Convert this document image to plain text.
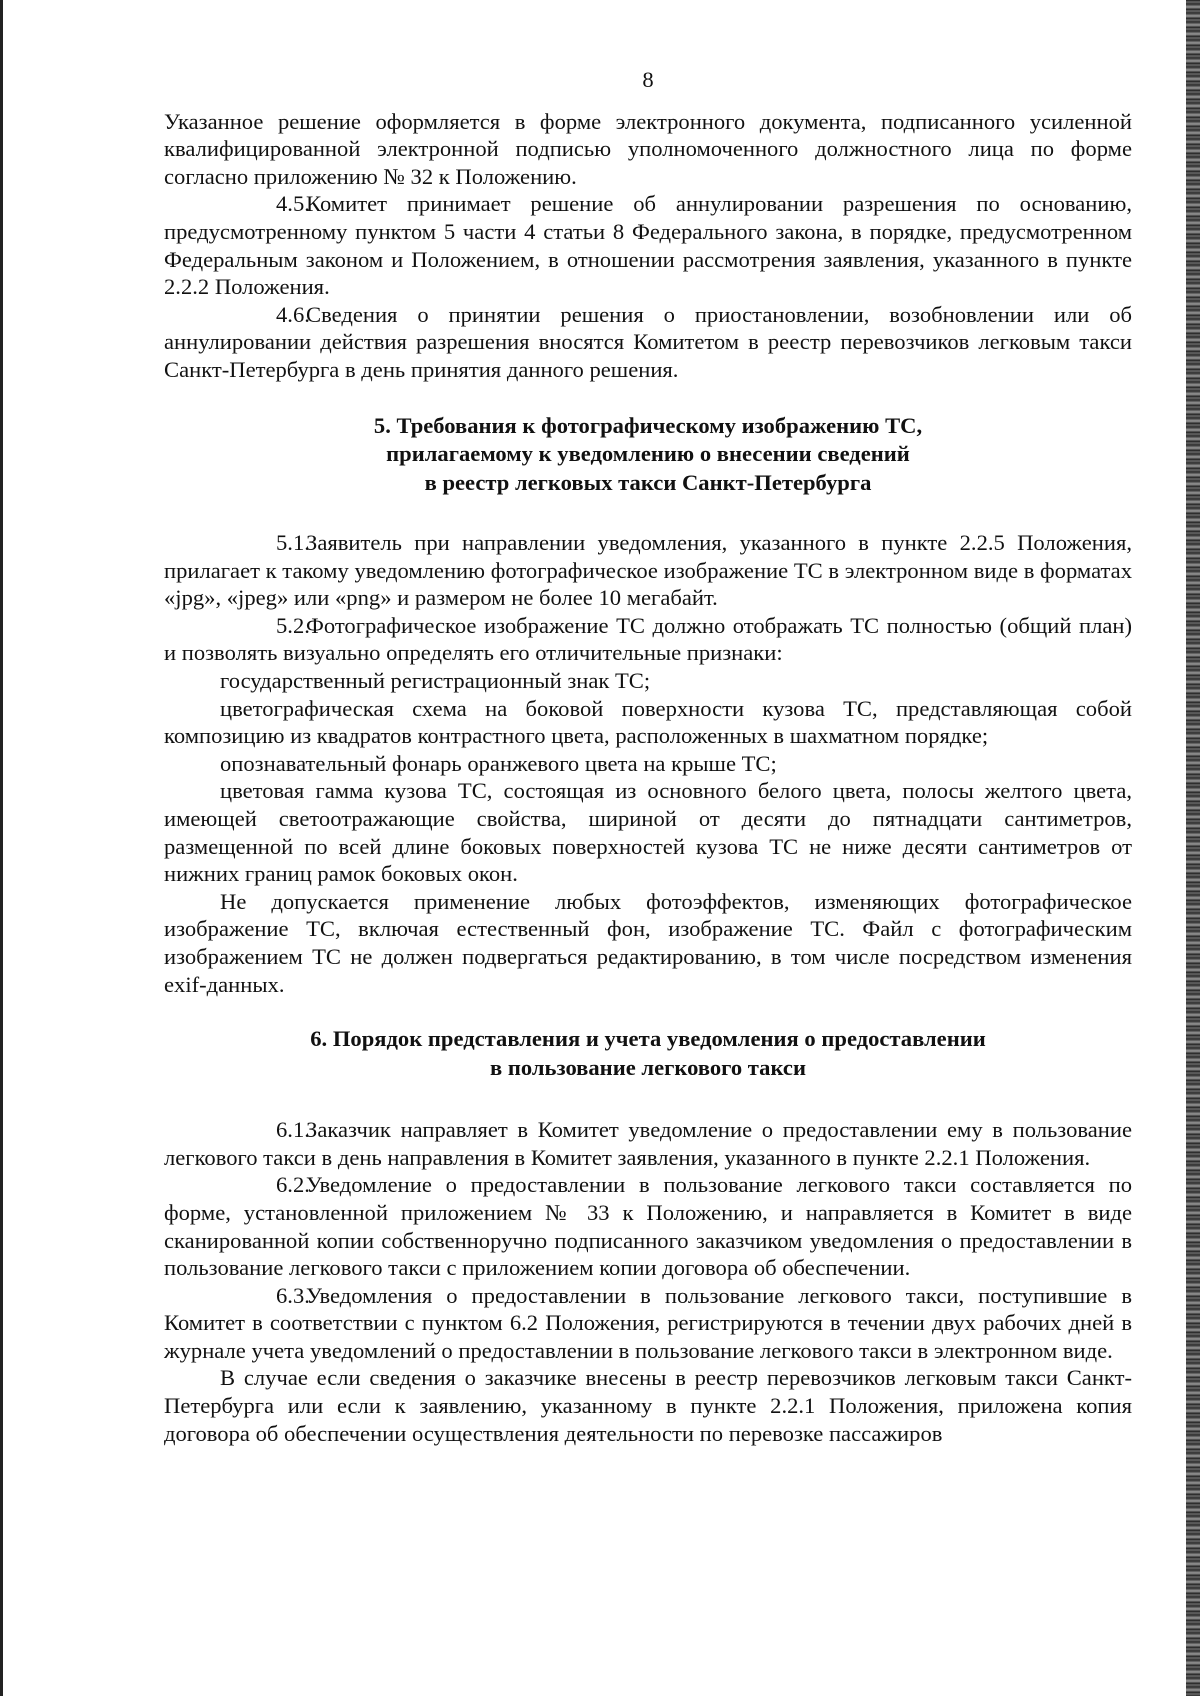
8

Указанное решение оформляется в форме электронного документа, подписанного усиленной квалифицированной электронной подписью уполномоченного должностного лица по форме согласно приложению № 32 к Положению.

4.5.Комитет принимает решение об аннулировании разрешения по основанию, предусмотренному пунктом 5 части 4 статьи 8 Федерального закона, в порядке, предусмотренном Федеральным законом и Положением, в отношении рассмотрения заявления, указанного в пункте 2.2.2 Положения.

4.6.Сведения о принятии решения о приостановлении, возобновлении или об аннулировании действия разрешения вносятся Комитетом в реестр перевозчиков легковым такси Санкт-Петербурга в день принятия данного решения.

5. Требования к фотографическому изображению ТС,
прилагаемому к уведомлению о внесении сведений
в реестр легковых такси Санкт-Петербурга

5.1.Заявитель при направлении уведомления, указанного в пункте 2.2.5 Положения, прилагает к такому уведомлению фотографическое изображение ТС в электронном виде в форматах «jpg», «jpeg» или «png» и размером не более 10 мегабайт.

5.2.Фотографическое изображение ТС должно отображать ТС полностью (общий план) и позволять визуально определять его отличительные признаки:

государственный регистрационный знак ТС;

цветографическая схема на боковой поверхности кузова ТС, представляющая собой композицию из квадратов контрастного цвета, расположенных в шахматном порядке;

опознавательный фонарь оранжевого цвета на крыше ТС;

цветовая гамма кузова ТС, состоящая из основного белого цвета, полосы желтого цвета, имеющей светоотражающие свойства, шириной от десяти до пятнадцати сантиметров, размещенной по всей длине боковых поверхностей кузова ТС не ниже десяти сантиметров от нижних границ рамок боковых окон.

Не допускается применение любых фотоэффектов, изменяющих фотографическое изображение ТС, включая естественный фон, изображение ТС. Файл с фотографическим изображением ТС не должен подвергаться редактированию, в том числе посредством изменения exif-данных.

6. Порядок представления и учета уведомления о предоставлении
в пользование легкового такси

6.1.Заказчик направляет в Комитет уведомление о предоставлении ему в пользование легкового такси в день направления в Комитет заявления, указанного в пункте 2.2.1 Положения.

6.2.Уведомление о предоставлении в пользование легкового такси составляется по форме, установленной приложением № 33 к Положению, и направляется в Комитет в виде сканированной копии собственноручно подписанного заказчиком уведомления о предоставлении в пользование легкового такси с приложением копии договора об обеспечении.

6.3.Уведомления о предоставлении в пользование легкового такси, поступившие в Комитет в соответствии с пунктом 6.2 Положения, регистрируются в течении двух рабочих дней в журнале учета уведомлений о предоставлении в пользование легкового такси в электронном виде.

В случае если сведения о заказчике внесены в реестр перевозчиков легковым такси Санкт-Петербурга или если к заявлению, указанному в пункте 2.2.1 Положения, приложена копия договора об обеспечении осуществления деятельности по перевозке пассажиров
